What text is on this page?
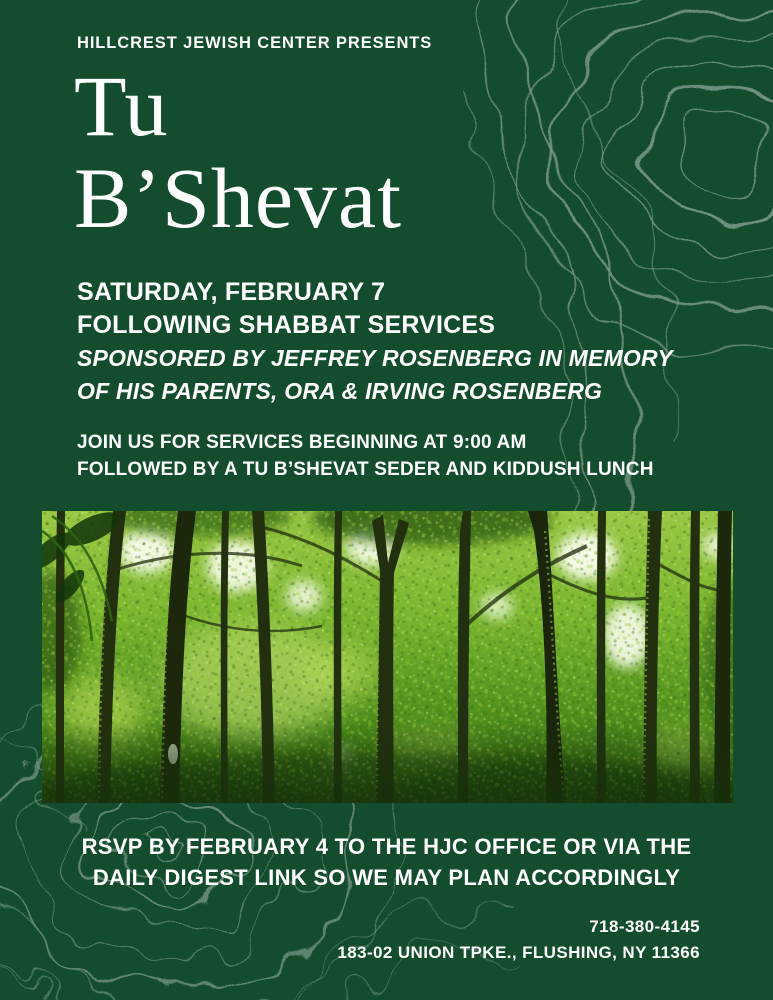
HILLCREST JEWISH CENTER PRESENTS
Tu
B’Shevat
SATURDAY, FEBRUARY 7
FOLLOWING SHABBAT SERVICES
SPONSORED BY JEFFREY ROSENBERG IN MEMORY
OF HIS PARENTS, ORA & IRVING ROSENBERG
JOIN US FOR SERVICES BEGINNING AT 9:00 AM
FOLLOWED BY A TU B’SHEVAT SEDER AND KIDDUSH LUNCH
RSVP BY FEBRUARY 4 TO THE HJC OFFICE OR VIA THE
DAILY DIGEST LINK SO WE MAY PLAN ACCORDINGLY
718-380-4145
183-02 UNION TPKE., FLUSHING, NY 11366
